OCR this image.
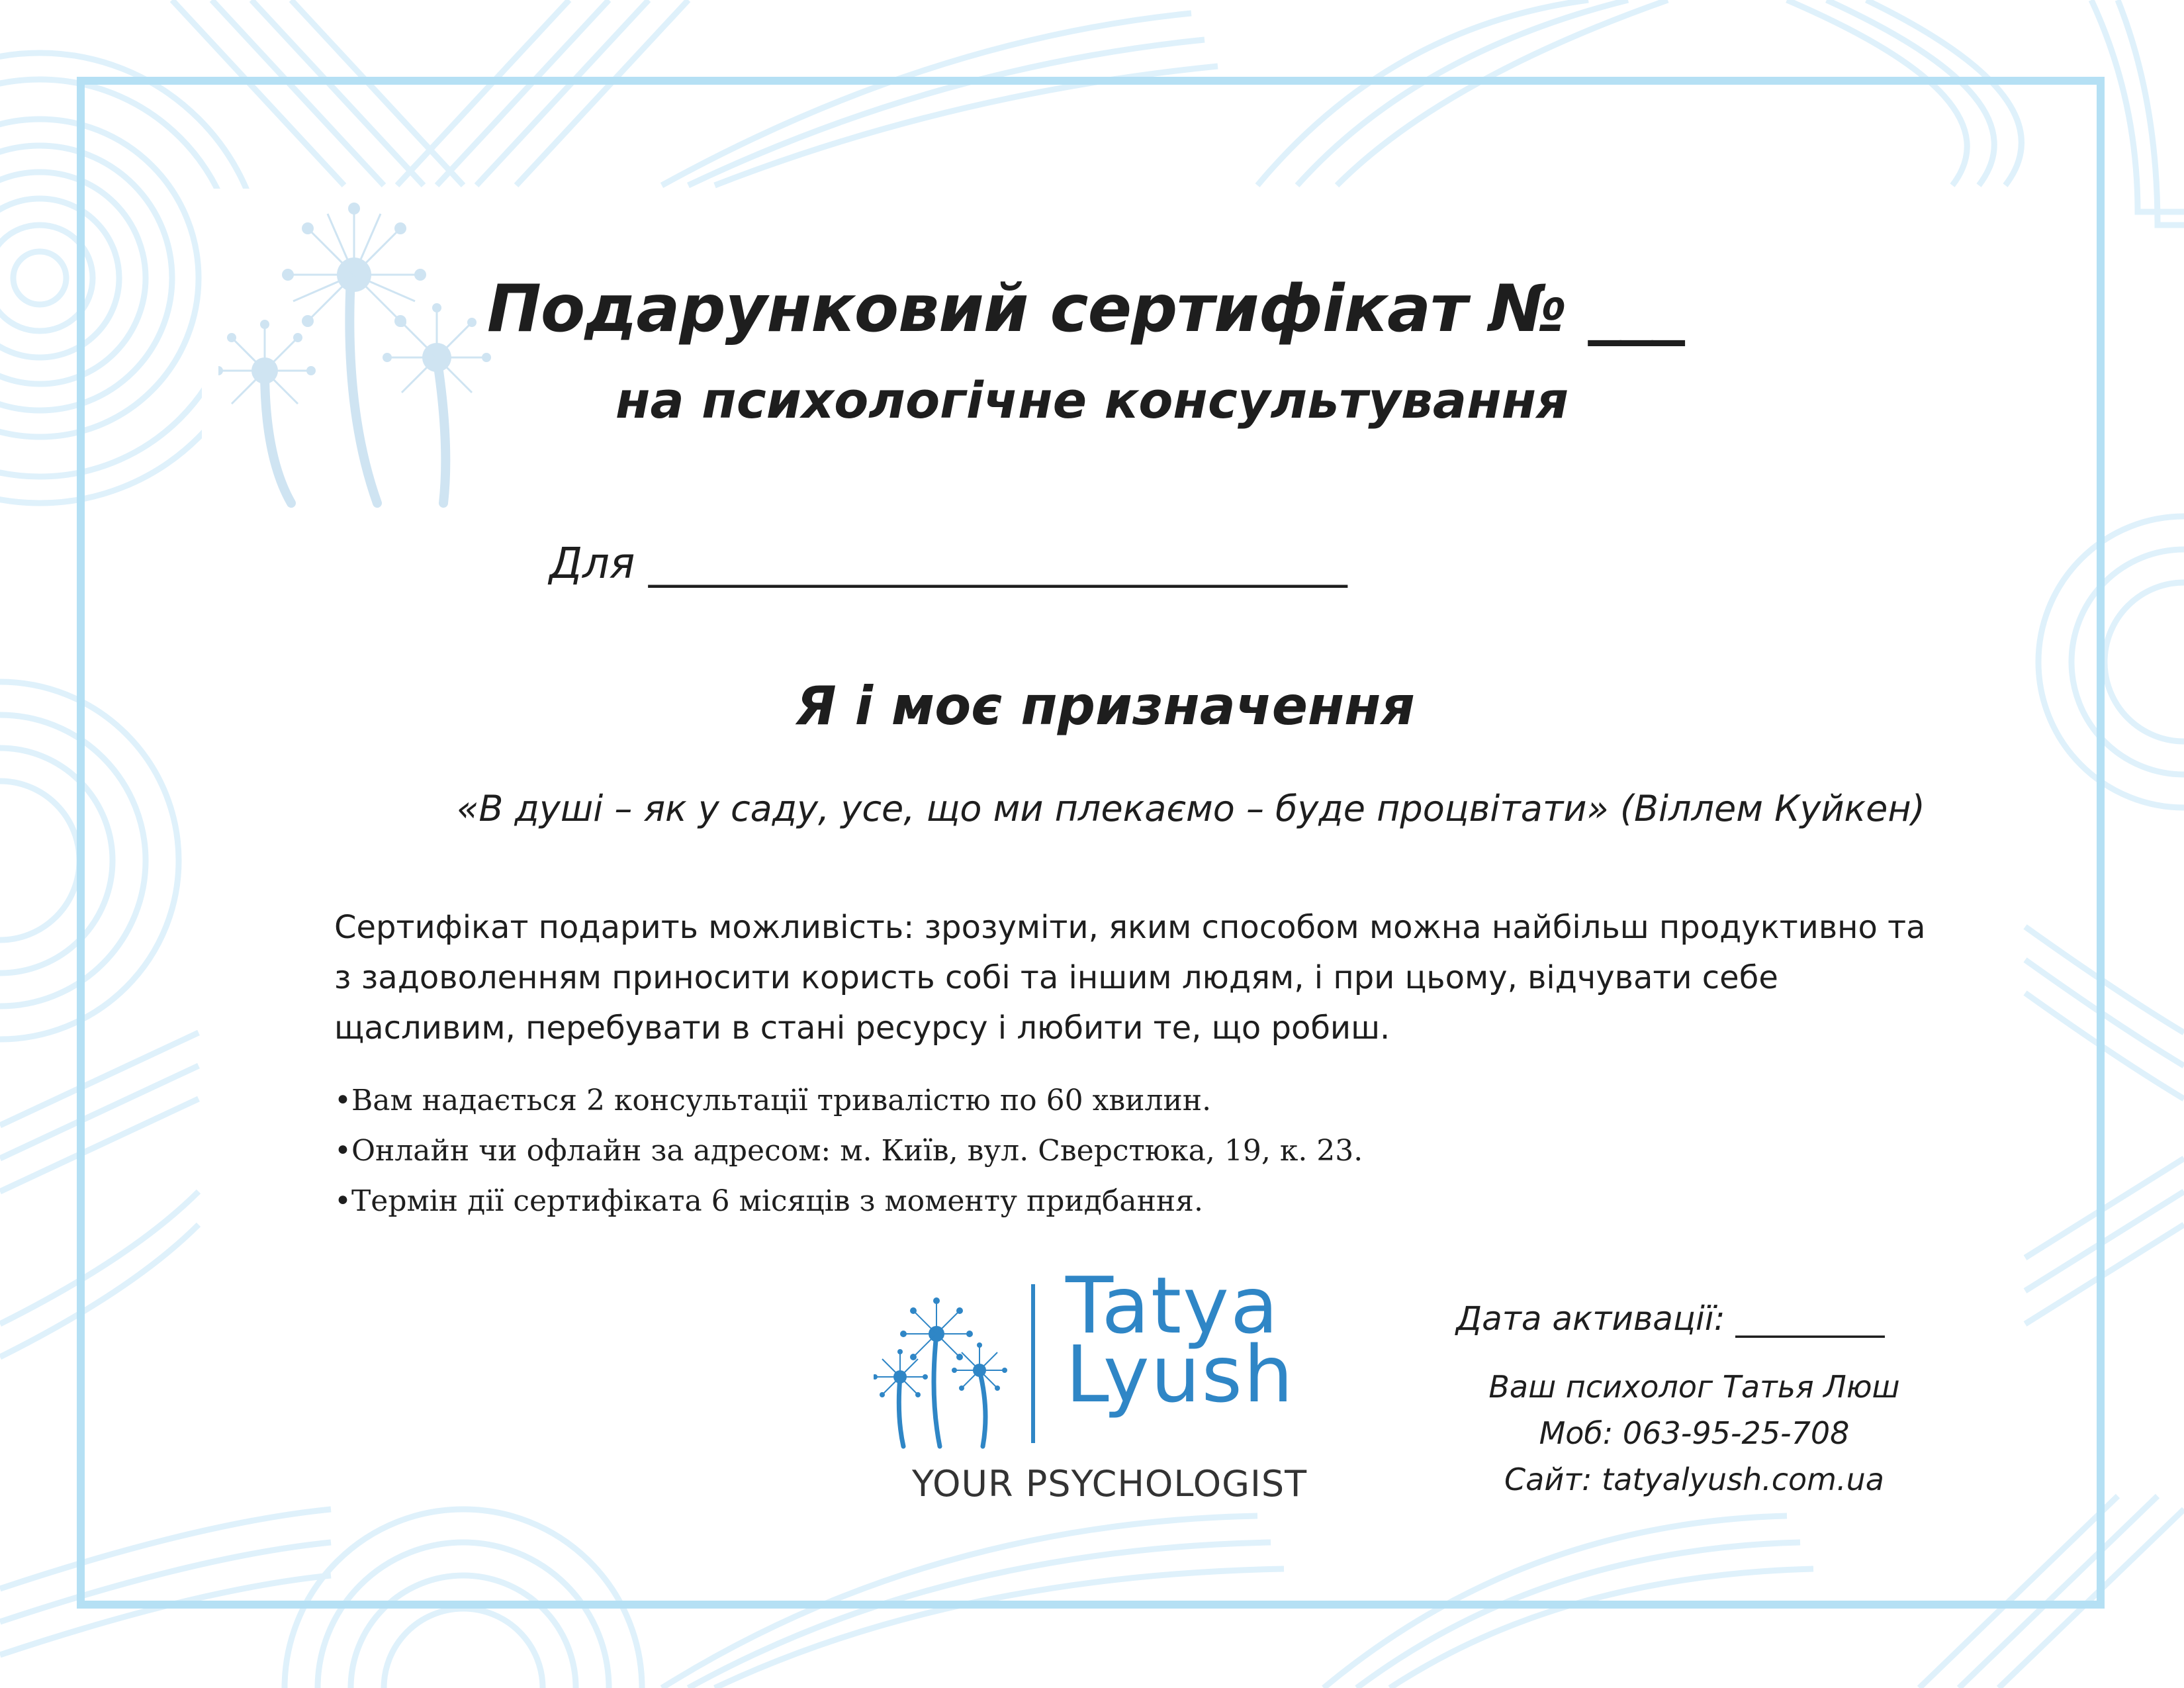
Подарунковий сертифікат № ___
на психологічне консультування
Для _________________________________
Я і моє призначення
«В душі – як у саду, усе, що ми плекаємо – буде процвітати» (Віллем Куйкен)

Сертифікат подарить можливість: зрозуміти, яким способом можна найбільш продуктивно та з задоволенням приносити користь собі та іншим людям, і при цьому, відчувати себе щасливим, перебувати в стані ресурсу і любити те, що робиш.

•Вам надається 2 консультації тривалістю по 60 хвилин.
•Онлайн чи офлайн за адресом: м. Київ, вул. Сверстюка, 19, к. 23.
•Термін дії сертифіката 6 місяців з моменту придбання.
Tatya
Lyush
YOUR PSYCHOLOGIST
Дата активації: _________
Ваш психолог Татья Люш
Моб: 063-95-25-708
Сайт: tatyalyush.com.ua
